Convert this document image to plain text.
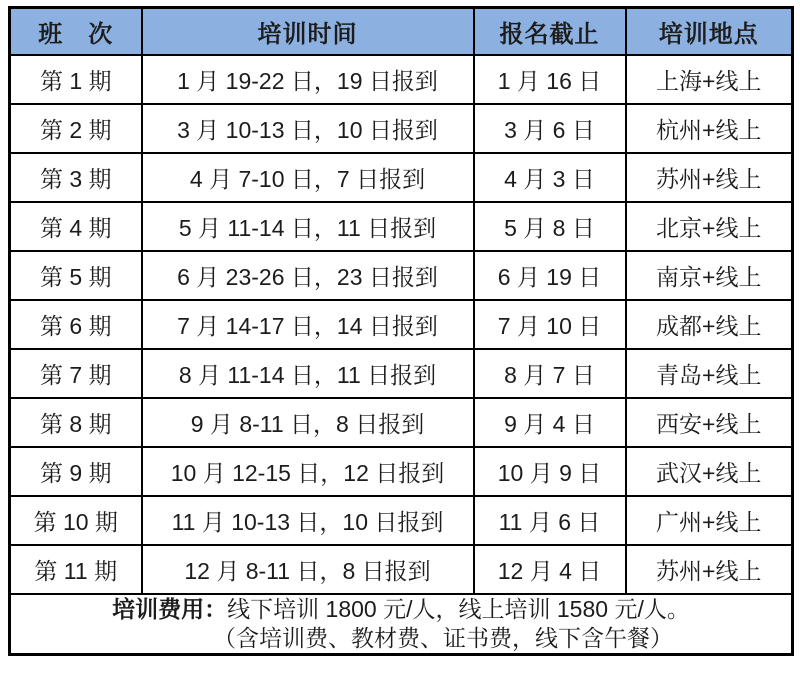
班　次	培训时间	报名截止	培训地点
第 1 期	1 月 19-22 日，19 日报到	1 月 16 日	上海+线上
第 2 期	3 月 10-13 日，10 日报到	3 月 6 日	杭州+线上
第 3 期	4 月 7-10 日，7 日报到	4 月 3 日	苏州+线上
第 4 期	5 月 11-14 日，11 日报到	5 月 8 日	北京+线上
第 5 期	6 月 23-26 日，23 日报到	6 月 19 日	南京+线上
第 6 期	7 月 14-17 日，14 日报到	7 月 10 日	成都+线上
第 7 期	8 月 11-14 日，11 日报到	8 月 7 日	青岛+线上
第 8 期	9 月 8-11 日，8 日报到	9 月 4 日	西安+线上
第 9 期	10 月 12-15 日，12 日报到	10 月 9 日	武汉+线上
第 10 期	11 月 10-13 日，10 日报到	11 月 6 日	广州+线上
第 11 期	12 月 8-11 日，8 日报到	12 月 4 日	苏州+线上

培训费用：线下培训 1800 元/人，线上培训 1580 元/人。
（含培训费、教材费、证书费，线下含午餐）			
